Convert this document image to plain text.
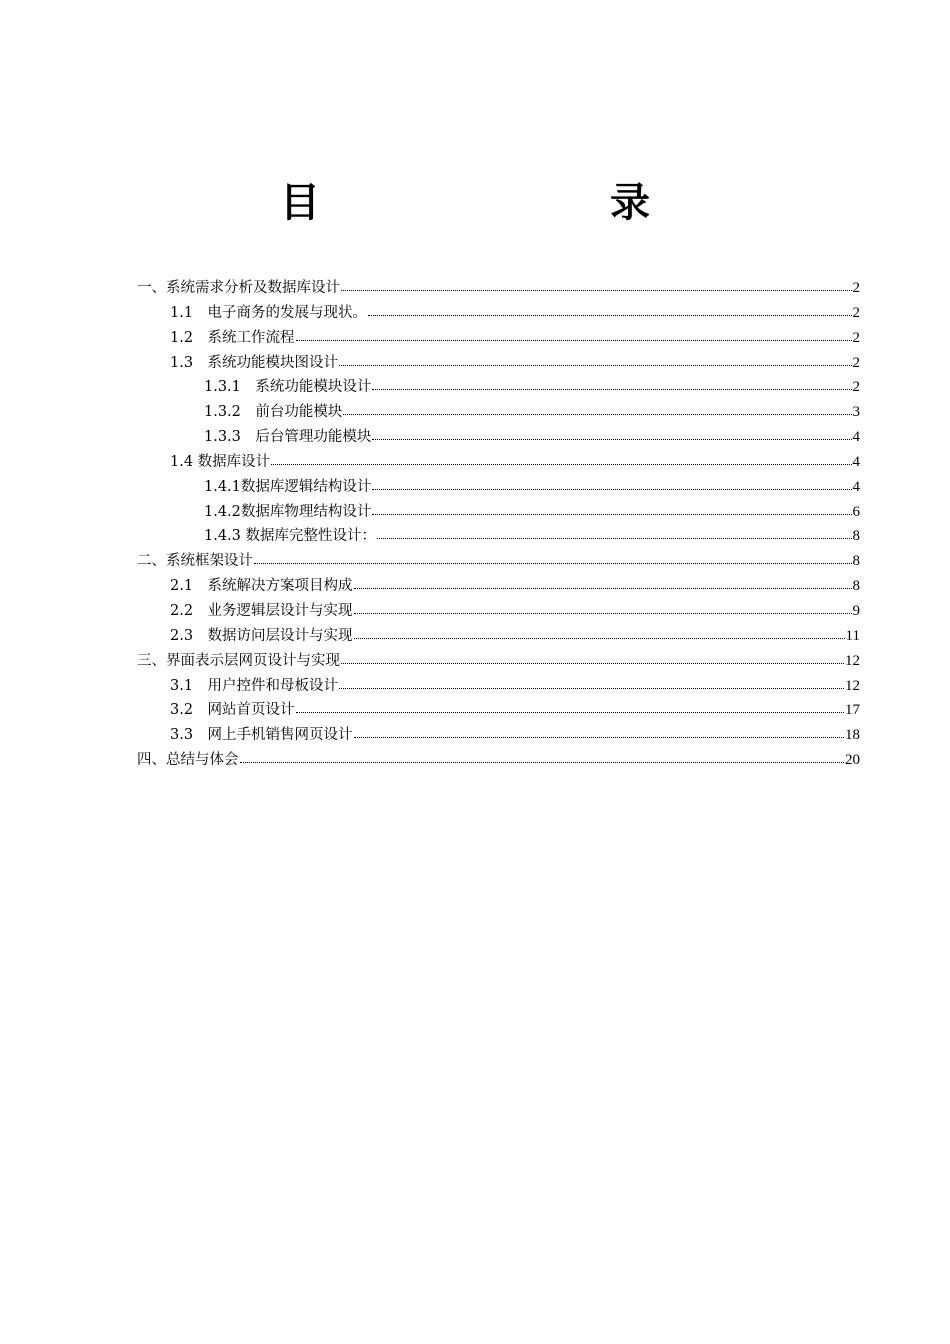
目　　录
一、系统需求分析及数据库设计	2
1.1　电子商务的发展与现状。	2
1.2　系统工作流程	2
1.3　系统功能模块图设计	2
1.3.1　系统功能模块设计	2
1.3.2　前台功能模块	3
1.3.3　后台管理功能模块	4
1.4 数据库设计	4
1.4.1数据库逻辑结构设计	4
1.4.2数据库物理结构设计	6
1.4.3 数据库完整性设计：	8
二、系统框架设计	8
2.1　系统解决方案项目构成	8
2.2　业务逻辑层设计与实现	9
2.3　数据访问层设计与实现	11
三、界面表示层网页设计与实现	12
3.1　用户控件和母板设计	12
3.2　网站首页设计	17
3.3　网上手机销售网页设计	18
四、总结与体会	20
